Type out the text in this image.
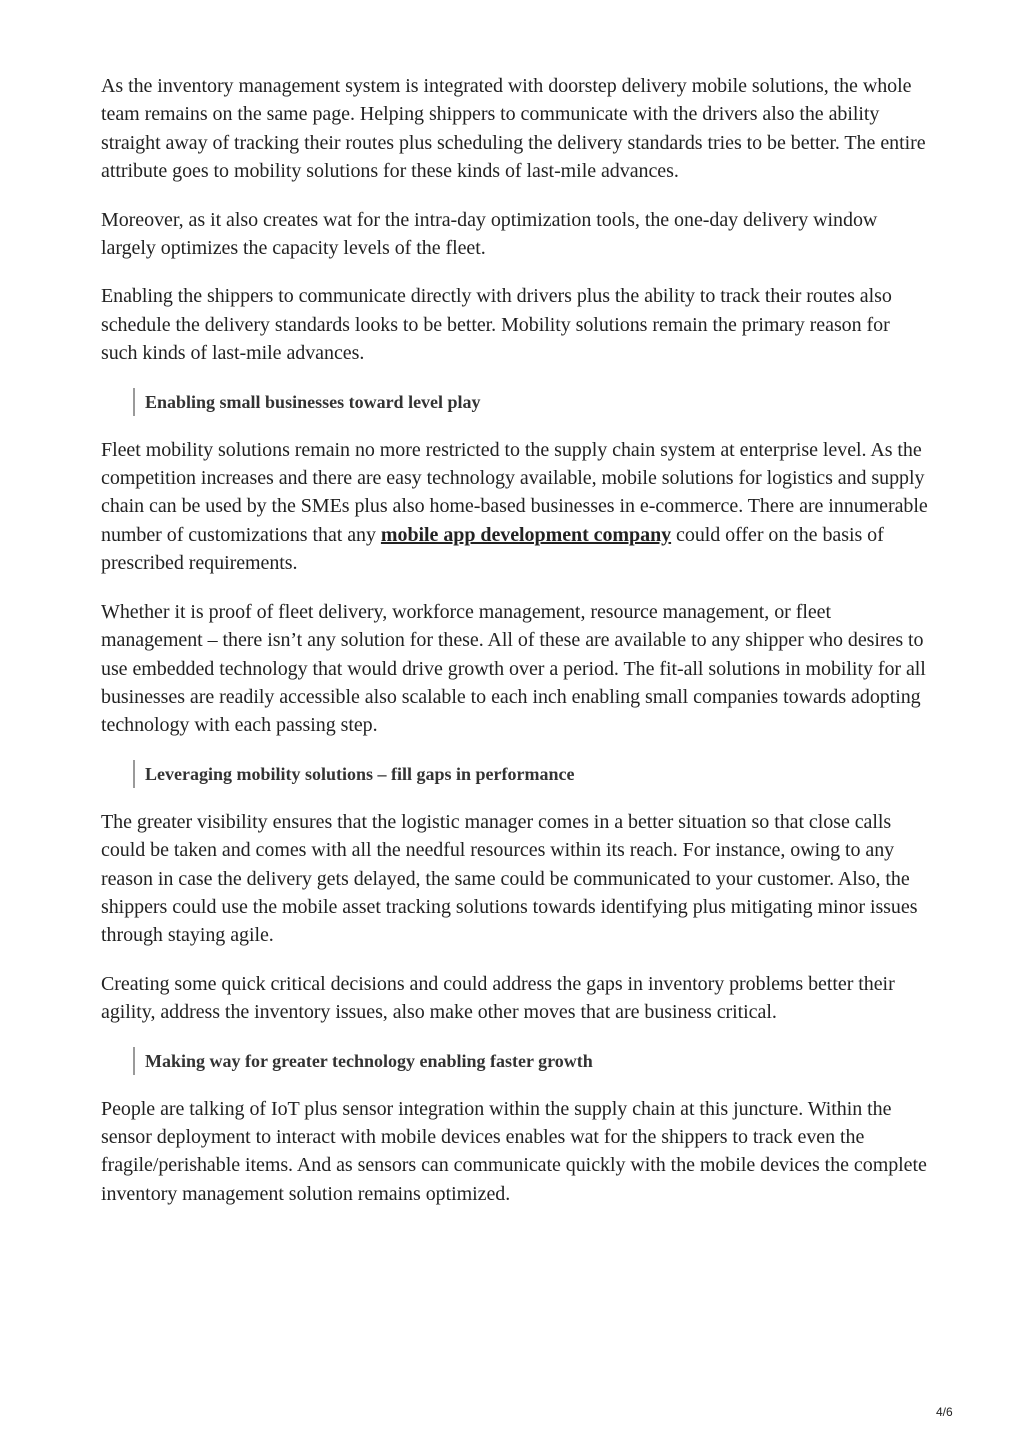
As the inventory management system is integrated with doorstep delivery mobile solutions, the whole team remains on the same page. Helping shippers to communicate with the drivers also the ability straight away of tracking their routes plus scheduling the delivery standards tries to be better. The entire attribute goes to mobility solutions for these kinds of last-mile advances.

Moreover, as it also creates wat for the intra-day optimization tools, the one-day delivery window largely optimizes the capacity levels of the fleet.

Enabling the shippers to communicate directly with drivers plus the ability to track their routes also schedule the delivery standards looks to be better. Mobility solutions remain the primary reason for such kinds of last-mile advances.

Enabling small businesses toward level play

Fleet mobility solutions remain no more restricted to the supply chain system at enterprise level. As the competition increases and there are easy technology available, mobile solutions for logistics and supply chain can be used by the SMEs plus also home-based businesses in e-commerce. There are innumerable number of customizations that any mobile app development company could offer on the basis of prescribed requirements.

Whether it is proof of fleet delivery, workforce management, resource management, or fleet management – there isn’t any solution for these. All of these are available to any shipper who desires to use embedded technology that would drive growth over a period. The fit-all solutions in mobility for all businesses are readily accessible also scalable to each inch enabling small companies towards adopting technology with each passing step.

Leveraging mobility solutions – fill gaps in performance

The greater visibility ensures that the logistic manager comes in a better situation so that close calls could be taken and comes with all the needful resources within its reach. For instance, owing to any reason in case the delivery gets delayed, the same could be communicated to your customer. Also, the shippers could use the mobile asset tracking solutions towards identifying plus mitigating minor issues through staying agile.

Creating some quick critical decisions and could address the gaps in inventory problems better their agility, address the inventory issues, also make other moves that are business critical.

Making way for greater technology enabling faster growth

People are talking of IoT plus sensor integration within the supply chain at this juncture. Within the sensor deployment to interact with mobile devices enables wat for the shippers to track even the fragile/perishable items. And as sensors can communicate quickly with the mobile devices the complete inventory management solution remains optimized.

4/6
